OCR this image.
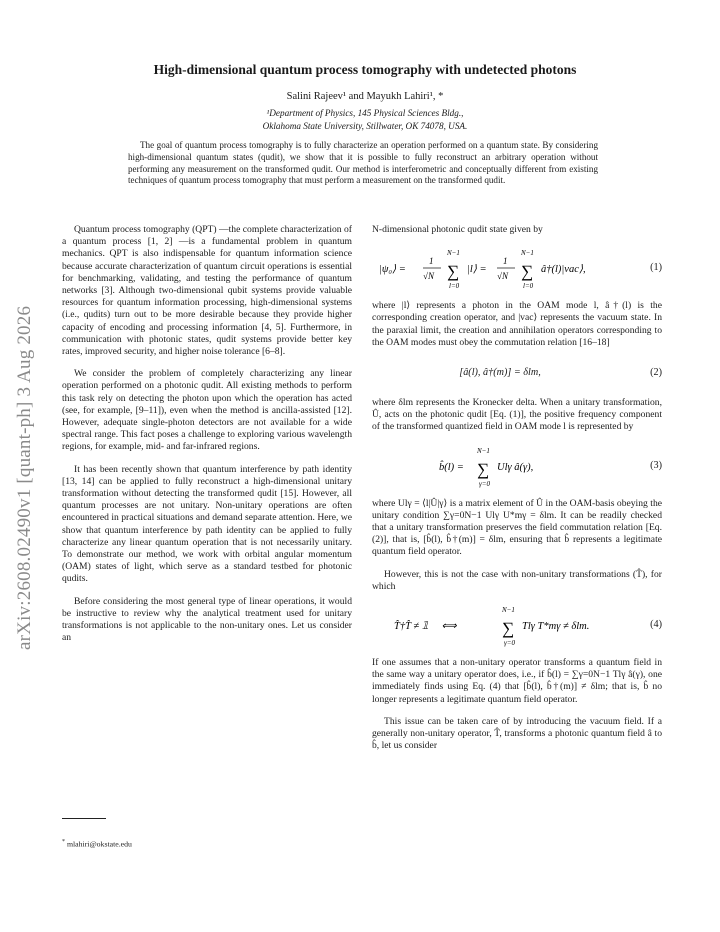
arXiv:2608.02490v1 [quant-ph] 3 Aug 2026
High-dimensional quantum process tomography with undetected photons
Salini Rajeev¹ and Mayukh Lahiri¹, *
¹Department of Physics, 145 Physical Sciences Bldg.,
Oklahoma State University, Stillwater, OK 74078, USA.
The goal of quantum process tomography is to fully characterize an operation performed on a quantum state. By considering high-dimensional quantum states (qudit), we show that it is possible to fully reconstruct an arbitrary operation without performing any measurement on the transformed qudit. Our method is interferometric and conceptually different from existing techniques of quantum process tomography that must perform a measurement on the transformed qudit.

Quantum process tomography (QPT) —the complete characterization of a quantum process [1, 2] —is a fundamental problem in quantum mechanics. QPT is also indispensable for quantum information science because accurate characterization of quantum circuit operations is essential for benchmarking, validating, and testing the performance of quantum networks [3]. Although two-dimensional qubit systems provide valuable resources for quantum information processing, high-dimensional systems (i.e., qudits) turn out to be more desirable because they provide higher capacity of encoding and processing information [4, 5]. Furthermore, in communication with photonic states, qudit systems provide better key rates, improved security, and higher noise tolerance [6–8].

We consider the problem of completely characterizing any linear operation performed on a photonic qudit. All existing methods to perform this task rely on detecting the photon upon which the operation has acted (see, for example, [9–11]), even when the method is ancilla-assisted [12]. However, adequate single-photon detectors are not available for a wide spectral range. This fact poses a challenge to exploring various wavelength regions, for example, mid- and far-infrared regions.

It has been recently shown that quantum interference by path identity [13, 14] can be applied to fully reconstruct a high-dimensional unitary transformation without detecting the transformed qudit [15]. However, all quantum processes are not unitary. Non-unitary operations are often encountered in practical situations and demand separate attention. Here, we show that quantum interference by path identity can be applied to fully characterize any linear quantum operation that is not necessarily unitary. To demonstrate our method, we work with orbital angular momentum (OAM) states of light, which serve as a standard testbed for photonic qudits.

Before considering the most general type of linear operations, it would be instructive to review why the analytical treatment used for unitary transformations is not applicable to the non-unitary ones. Let us consider an

N-dimensional photonic qudit state given by

|ψ₀⟩ =
1
√N
N−1
∑
l=0
|l⟩ =
1
√N
N−1
∑
l=0
â†(l)|vac⟩,	(1)

where |l⟩ represents a photon in the OAM mode l, â†(l) is the corresponding creation operator, and |vac⟩ represents the vacuum state. In the paraxial limit, the creation and annihilation operators corresponding to the OAM modes must obey the commutation relation [16–18]

[â(l), â†(m)] = δlm,	(2)

where δlm represents the Kronecker delta. When a unitary transformation, Û, acts on the photonic qudit [Eq. (1)], the positive frequency component of the transformed quantized field in OAM mode l is represented by

b̂(l) =
N−1
∑
γ=0
Ulγ â(γ),	(3)

where Ulγ = ⟨l|Û|γ⟩ is a matrix element of Û in the OAM-basis obeying the unitary condition ∑γ=0N−1 Ulγ U*mγ = δlm. It can be readily checked that a unitary transformation preserves the field commutation relation [Eq. (2)], that is, [b̂(l), b̂†(m)] = δlm, ensuring that b̂ represents a legitimate quantum field operator.

However, this is not the case with non-unitary transformations (T̂), for which

T̂†T̂ ≠ 𝟙     ⟺
N−1
∑
γ=0
Tlγ T*mγ ≠ δlm.	(4)

If one assumes that a non-unitary operator transforms a quantum field in the same way a unitary operator does, i.e., if b̂(l) = ∑γ=0N−1 Tlγ â(γ), one immediately finds using Eq. (4) that [b̂(l), b̂†(m)] ≠ δlm; that is, b̂ no longer represents a legitimate quantum field operator.

This issue can be taken care of by introducing the vacuum field. If a generally non-unitary operator, T̂, transforms a photonic quantum field â to b̂, let us consider

* mlahiri@okstate.edu
